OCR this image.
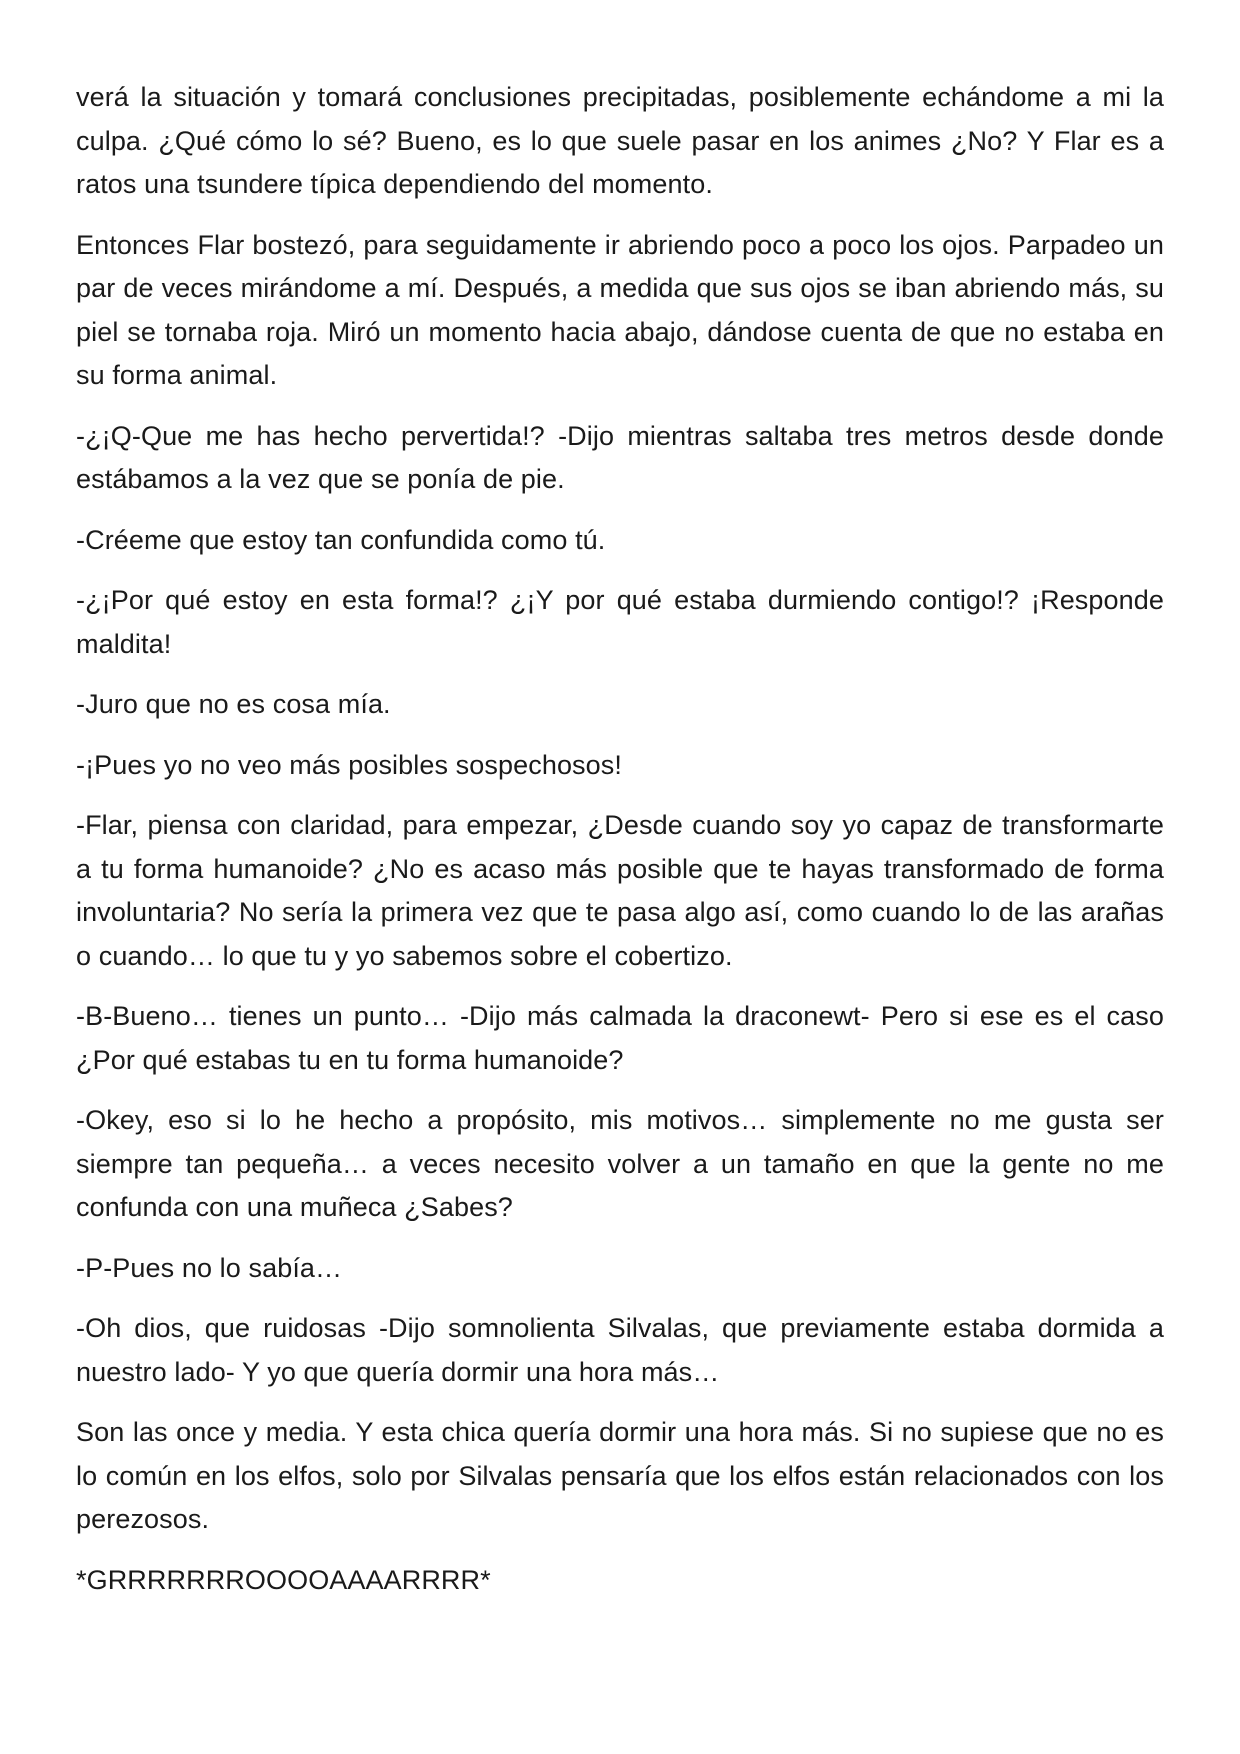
verá la situación y tomará conclusiones precipitadas, posiblemente echándome a mi la culpa. ¿Qué cómo lo sé? Bueno, es lo que suele pasar en los animes ¿No? Y Flar es a ratos una tsundere típica dependiendo del momento.

Entonces Flar bostezó, para seguidamente ir abriendo poco a poco los ojos. Parpadeo un par de veces mirándome a mí. Después, a medida que sus ojos se iban abriendo más, su piel se tornaba roja. Miró un momento hacia abajo, dándose cuenta de que no estaba en su forma animal.

-¿¡Q-Que me has hecho pervertida!? -Dijo mientras saltaba tres metros desde donde estábamos a la vez que se ponía de pie.

-Créeme que estoy tan confundida como tú.

-¿¡Por qué estoy en esta forma!? ¿¡Y por qué estaba durmiendo contigo!? ¡Responde maldita!

-Juro que no es cosa mía.

-¡Pues yo no veo más posibles sospechosos!

-Flar, piensa con claridad, para empezar, ¿Desde cuando soy yo capaz de transformarte a tu forma humanoide? ¿No es acaso más posible que te hayas transformado de forma involuntaria? No sería la primera vez que te pasa algo así, como cuando lo de las arañas o cuando… lo que tu y yo sabemos sobre el cobertizo.

-B-Bueno… tienes un punto… -Dijo más calmada la draconewt- Pero si ese es el caso ¿Por qué estabas tu en tu forma humanoide?

-Okey, eso si lo he hecho a propósito, mis motivos… simplemente no me gusta ser siempre tan pequeña… a veces necesito volver a un tamaño en que la gente no me confunda con una muñeca ¿Sabes?

-P-Pues no lo sabía…

-Oh dios, que ruidosas -Dijo somnolienta Silvalas, que previamente estaba dormida a nuestro lado- Y yo que quería dormir una hora más…

Son las once y media. Y esta chica quería dormir una hora más. Si no supiese que no es lo común en los elfos, solo por Silvalas pensaría que los elfos están relacionados con los perezosos.

*GRRRRRRROOOOAAAARRRR*
